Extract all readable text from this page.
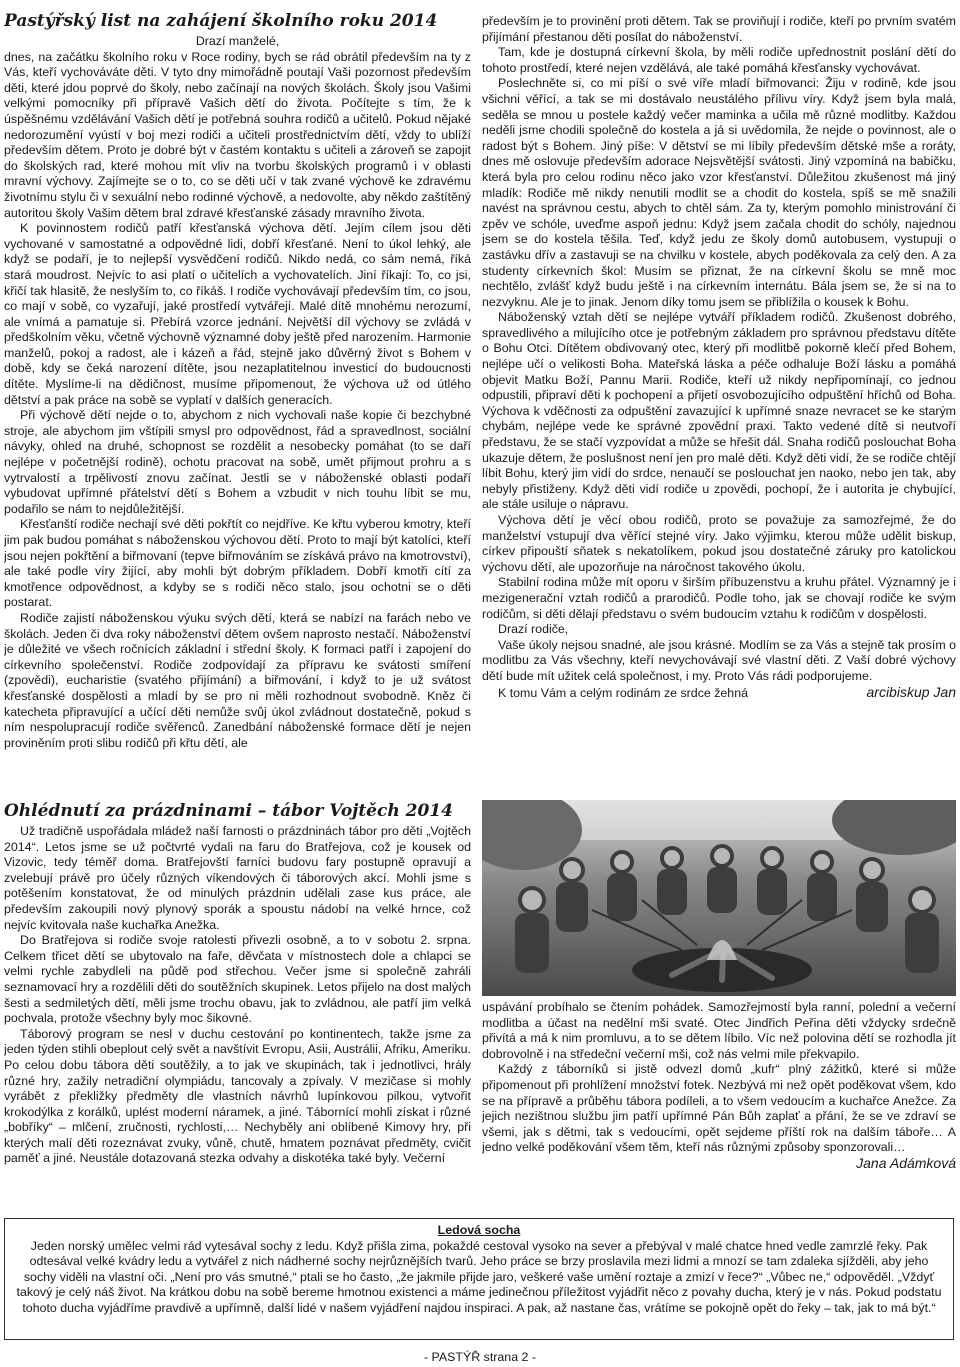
Pastýřský list na zahájení školního roku 2014

Drazí manželé,

dnes, na začátku školního roku v Roce rodiny, bych se rád obrátil především na ty z Vás, kteří vychováváte děti. V tyto dny mimořádně poutají Vaši pozornost především děti, které jdou poprvé do školy, nebo začínají na nových školách. Školy jsou Vašimi velkými pomocníky při přípravě Vašich dětí do života. Počítejte s tím, že k úspěšnému vzdělávání Vašich dětí je potřebná souhra rodičů a učitelů. Pokud nějaké nedorozumění vyústí v boj mezi rodiči a učiteli prostřednictvím dětí, vždy to ublíží především dětem. Proto je dobré být v častém kontaktu s učiteli a zároveň se zapojit do školských rad, které mohou mít vliv na tvorbu školských programů i v oblasti mravní výchovy. Zajímejte se o to, co se děti učí v tak zvané výchově ke zdravému životnímu stylu či v sexuální nebo rodinné výchově, a nedovolte, aby někdo zaštítěný autoritou školy Vašim dětem bral zdravé křesťanské zásady mravního života.

K povinnostem rodičů patří křesťanská výchova dětí. Jejím cílem jsou děti vychované v samostatné a odpovědné lidi, dobří křesťané. Není to úkol lehký, ale když se podaří, je to nejlepší vysvědčení rodičů. Nikdo nedá, co sám nemá, říká stará moudrost. Nejvíc to asi platí o učitelích a vychovatelích. Jiní říkají: To, co jsi, křičí tak hlasitě, že neslyším to, co říkáš. I rodiče vychovávají především tím, co jsou, co mají v sobě, co vyzařují, jaké prostředí vytvářejí. Malé dítě mnohému nerozumí, ale vnímá a pamatuje si. Přebírá vzorce jednání. Největší díl výchovy se zvládá v předškolním věku, včetně výchovně významné doby ještě před narozením. Harmonie manželů, pokoj a radost, ale i kázeň a řád, stejně jako důvěrný život s Bohem v době, kdy se čeká narození dítěte, jsou nezaplatitelnou investicí do budoucnosti dítěte. Myslíme-li na dědičnost, musíme připomenout, že výchova už od útlého dětství a pak práce na sobě se vyplatí v dalších generacích.

Při výchově dětí nejde o to, abychom z nich vychovali naše kopie či bezchybné stroje, ale abychom jim vštípili smysl pro odpovědnost, řád a spravedlnost, sociální návyky, ohled na druhé, schopnost se rozdělit a nesobecky pomáhat (to se daří nejlépe v početnější rodině), ochotu pracovat na sobě, umět přijmout prohru a s vytrvalostí a trpělivostí znovu začínat. Jestli se v náboženské oblasti podaří vybudovat upřímné přátelství dětí s Bohem a vzbudit v nich touhu líbit se mu, podařilo se nám to nejdůležitější.

Křesťanští rodiče nechají své děti pokřtít co nejdříve. Ke křtu vyberou kmotry, kteří jim pak budou pomáhat s náboženskou výchovou dětí. Proto to mají být katolíci, kteří jsou nejen pokřtění a biřmovaní (tepve biřmováním se získává právo na kmotrovství), ale také podle víry žijící, aby mohli být dobrým příkladem. Dobří kmotři cítí za kmotřence odpovědnost, a kdyby se s rodiči něco stalo, jsou ochotni se o děti postarat.

Rodiče zajistí náboženskou výuku svých dětí, která se nabízí na farách nebo ve školách. Jeden či dva roky náboženství dětem ovšem naprosto nestačí. Náboženství je důležité ve všech ročnících základní i střední školy. K formaci patří i zapojení do církevního společenství. Rodiče zodpovídají za přípravu ke svátosti smíření (zpovědi), eucharistie (svatého přijímání) a biřmování, i když to je už svátost křesťanské dospělosti a mladí by se pro ni měli rozhodnout svobodně. Kněz či katecheta připravující a učící děti nemůže svůj úkol zvládnout dostatečně, pokud s ním nespolupracují rodiče svěřenců. Zanedbání náboženské formace dětí je nejen proviněním proti slibu rodičů při křtu dětí, ale

především je to provinění proti dětem. Tak se proviňují i rodiče, kteří po prvním svatém přijímání přestanou děti posílat do náboženství.

Tam, kde je dostupná církevní škola, by měli rodiče upřednostnit poslání dětí do tohoto prostředí, které nejen vzdělává, ale také pomáhá křesťansky vychovávat.

Poslechněte si, co mi píší o své víře mladí biřmovanci: Žiju v rodině, kde jsou všichni věřící, a tak se mi dostávalo neustálého přílivu víry. Když jsem byla malá, seděla se mnou u postele každý večer maminka a učila mě různé modlitby. Každou neděli jsme chodili společně do kostela a já si uvědomila, že nejde o povinnost, ale o radost být s Bohem. Jiný píše: V dětství se mi líbily především dětské mše a roráty, dnes mě oslovuje především adorace Nejsvětější svátosti. Jiný vzpomíná na babičku, která byla pro celou rodinu něco jako vzor křesťanství. Důležitou zkušenost má jiný mladík: Rodiče mě nikdy nenutili modlit se a chodit do kostela, spíš se mě snažili navést na správnou cestu, abych to chtěl sám. Za ty, kterým pomohlo ministrování či zpěv ve schóle, uveďme aspoň jednu: Když jsem začala chodit do schóly, najednou jsem se do kostela těšila. Teď, když jedu ze školy domů autobusem, vystupuji o zastávku dřív a zastavuji se na chvilku v kostele, abych poděkovala za celý den. A za studenty církevních škol: Musím se přiznat, že na církevní školu se mně moc nechtělo, zvlášť když budu ještě i na církevním internátu. Bála jsem se, že si na to nezvyknu. Ale je to jinak. Jenom díky tomu jsem se přiblížila o kousek k Bohu.

Náboženský vztah dětí se nejlépe vytváří příkladem rodičů. Zkušenost dobrého, spravedlivého a milujícího otce je potřebným základem pro správnou představu dítěte o Bohu Otci. Dítětem obdivovaný otec, který při modlitbě pokorně klečí před Bohem, nejlépe učí o velikosti Boha. Mateřská láska a péče odhaluje Boží lásku a pomáhá objevit Matku Boží, Pannu Marii. Rodiče, kteří už nikdy nepřipomínají, co jednou odpustili, připraví děti k pochopení a přijetí osvobozujícího odpuštění hříchů od Boha. Výchova k vděčnosti za odpuštění zavazující k upřímné snaze nevracet se ke starým chybám, nejlépe vede ke správné zpovědní praxi. Takto vedené dítě si neutvoří představu, že se stačí vyzpovídat a může se hřešit dál. Snaha rodičů poslouchat Boha ukazuje dětem, že poslušnost není jen pro malé děti. Když děti vidí, že se rodiče chtějí líbit Bohu, který jim vidí do srdce, nenaučí se poslouchat jen naoko, nebo jen tak, aby nebyly přistiženy. Když děti vidí rodiče u zpovědi, pochopí, že i autorita je chybující, ale stále usiluje o nápravu.

Výchova dětí je věcí obou rodičů, proto se považuje za samozřejmé, že do manželství vstupují dva věřící stejné víry. Jako výjimku, kterou může udělit biskup, církev připouští sňatek s nekatolíkem, pokud jsou dostatečné záruky pro katolickou výchovu dětí, ale upozorňuje na náročnost takového úkolu.

Stabilní rodina může mít oporu v širším příbuzenstvu a kruhu přátel. Významný je i mezigenerační vztah rodičů a prarodičů. Podle toho, jak se chovají rodiče ke svým rodičům, si děti dělají představu o svém budoucím vztahu k rodičům v dospělosti.

Drazí rodiče,

Vaše úkoly nejsou snadné, ale jsou krásné. Modlím se za Vás a stejně tak prosím o modlitbu za Vás všechny, kteří nevychovávají své vlastní děti. Z Vaší dobré výchovy dětí bude mít užitek celá společnost, i my. Proto Vás rádi podporujeme.

K tomu Vám a celým rodinám ze srdce žehná	arcibiskup Jan
Ohlédnutí za prázdninami – tábor Vojtěch 2014

Už tradičně uspořádala mládež naší farnosti o prázdninách tábor pro děti „Vojtěch 2014“. Letos jsme se už počtvrté vydali na faru do Bratřejova, což je kousek od Vizovic, tedy téměř doma. Bratřejovští farníci budovu fary postupně opravují a zvelebují právě pro účely různých víkendových či táborových akcí. Mohli jsme s potěšením konstatovat, že od minulých prázdnin udělali zase kus práce, ale především zakoupili nový plynový sporák a spoustu nádobí na velké hrnce, což nejvíc kvitovala naše kuchařka Anežka.

Do Bratřejova si rodiče svoje ratolesti přivezli osobně, a to v sobotu 2. srpna. Celkem třicet dětí se ubytovalo na faře, děvčata v místnostech dole a chlapci se velmi rychle zabydleli na půdě pod střechou. Večer jsme si společně zahráli seznamovací hry a rozdělili děti do soutěžních skupinek. Letos přijelo na dost malých šesti a sedmiletých dětí, měli jsme trochu obavu, jak to zvládnou, ale patří jim velká pochvala, protože všechny byly moc šikovné.

Táborový program se nesl v duchu cestování po kontinentech, takže jsme za jeden týden stihli obeplout celý svět a navštívit Evropu, Asii, Austrálii, Afriku, Ameriku. Po celou dobu tábora děti soutěžily, a to jak ve skupinách, tak i jednotlivci, hrály různé hry, zažily netradiční olympiádu, tancovaly a zpívaly. V mezičase si mohly vyrábět z překližky předměty dle vlastních návrhů lupínkovou pilkou, vytvořit krokodýlka z korálků, uplést moderní náramek, a jiné. Tábornící mohli získat i různé „bobříky“ – mlčení, zručnosti, rychlosti,… Nechyběly ani oblíbené Kimovy hry, při kterých malí děti rozeznávat zvuky, vůně, chutě, hmatem poznávat předměty, cvičit paměť a jiné. Neustále dotazovaná stezka odvahy a diskotéka také byly. Večerní

uspávání probíhalo se čtením pohádek. Samozřejmostí byla ranní, polední a večerní modlitba a účast na nedělní mši svaté. Otec Jindřich Peřina děti vždycky srdečně přivítá a má k nim promluvu, a to se dětem líbilo. Víc než polovina dětí se rozhodla jít dobrovolně i na středeční večerní mši, což nás velmi mile překvapilo.

Každý z táborníků si jistě odvezl domů „kufr“ plný zážitků, které si může připomenout při prohlížení množství fotek. Nezbývá mi než opět poděkovat všem, kdo se na přípravě a průběhu tábora podíleli, a to všem vedoucím a kuchařce Anežce. Za jejich nezištnou službu jim patří upřímné Pán Bůh zaplať a přání, že se ve zdraví se všemi, jak s dětmi, tak s vedoucími, opět sejdeme příští rok na dalším táboře… A jedno velké poděkování všem těm, kteří nás různými způsoby sponzorovali…

Jana Adámková

Ledová socha
Jeden norský umělec velmi rád vytesával sochy z ledu. Když přišla zima, pokaždé cestoval vysoko na sever a přebýval v malé chatce hned vedle zamrzlé řeky. Pak odtesával velké kvádry ledu a vytvářel z nich nádherné sochy nejrůznějších tvarů. Jeho práce se brzy proslavila mezi lidmi a mnozí se tam zdaleka sjížděli, aby jeho sochy viděli na vlastní oči. „Není pro vás smutné,“ ptali se ho často, „že jakmile přijde jaro, veškeré vaše umění roztaje a zmizí v řece?“ „Vůbec ne,“ odpověděl. „Vždyť takový je celý náš život. Na krátkou dobu na sobě bereme hmotnou existenci a máme jedinečnou příležitost vyjádřit něco z povahy ducha, který je v nás. Pokud podstatu tohoto ducha vyjádříme pravdivě a upřímně, další lidé v našem vyjádření najdou inspiraci. A pak, až nastane čas, vrátíme se pokojně opět do řeky – tak, jak to má být.“
- PASTÝŘ strana 2 -
